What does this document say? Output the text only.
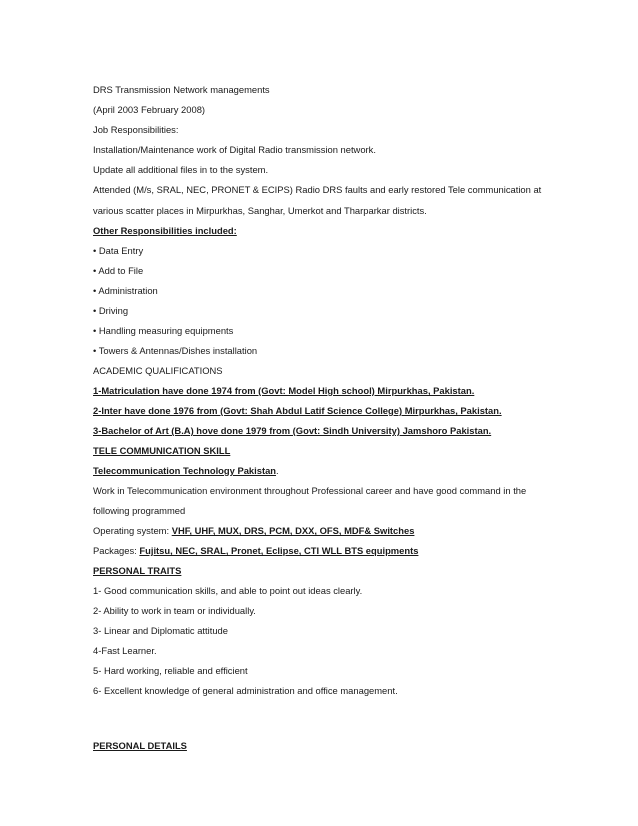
DRS Transmission Network managements
(April 2003 February 2008)
Job Responsibilities:
Installation/Maintenance work of Digital Radio transmission network.
Update all additional files in to the system.
Attended (M/s, SRAL, NEC, PRONET & ECIPS) Radio DRS faults and early restored Tele communication at
various scatter places in Mirpurkhas, Sanghar, Umerkot and Tharparkar districts.
Other Responsibilities included:
• Data Entry
• Add to File
• Administration
• Driving
• Handling measuring equipments
• Towers & Antennas/Dishes installation
ACADEMIC QUALIFICATIONS
1-Matriculation have done 1974 from (Govt: Model High school) Mirpurkhas, Pakistan.
2-Inter have done 1976 from (Govt: Shah Abdul Latif Science College) Mirpurkhas, Pakistan.
3-Bachelor of Art (B.A) hove done 1979 from (Govt: Sindh University) Jamshoro Pakistan.
TELE COMMUNICATION SKILL
Telecommunication Technology Pakistan.
Work in Telecommunication environment throughout Professional career and have good command in the
following programmed
Operating system: VHF, UHF, MUX, DRS, PCM, DXX, OFS, MDF& Switches
Packages: Fujitsu, NEC, SRAL, Pronet, Eclipse, CTI WLL BTS equipments
PERSONAL TRAITS
1- Good communication skills, and able to point out ideas clearly.
2- Ability to work in team or individually.
3- Linear and Diplomatic attitude
4-Fast Learner.
5- Hard working, reliable and efficient
6- Excellent knowledge of general administration and office management.
PERSONAL DETAILS
